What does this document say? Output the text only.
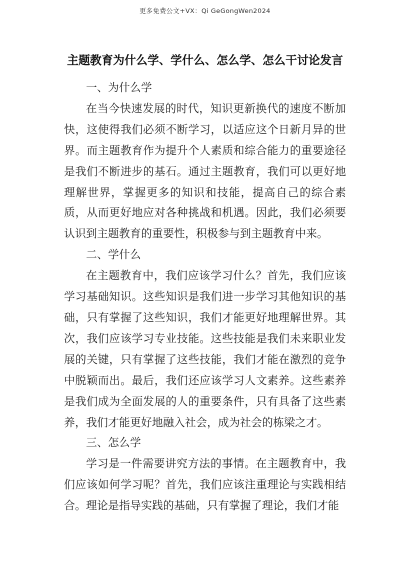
更多免费公文+VX：Qi GeGongWen2024
主题教育为什么学、学什么、怎么学、怎么干讨论发言

一、为什么学

在当今快速发展的时代，知识更新换代的速度不断加快，这使得我们必须不断学习，以适应这个日新月异的世界。而主题教育作为提升个人素质和综合能力的重要途径是我们不断进步的基石。通过主题教育，我们可以更好地理解世界，掌握更多的知识和技能，提高自己的综合素质，从而更好地应对各种挑战和机遇。因此，我们必须要认识到主题教育的重要性，积极参与到主题教育中来。

二、学什么

在主题教育中，我们应该学习什么？首先，我们应该学习基础知识。这些知识是我们进一步学习其他知识的基础，只有掌握了这些知识，我们才能更好地理解世界。其次，我们应该学习专业技能。这些技能是我们未来职业发展的关键，只有掌握了这些技能，我们才能在激烈的竞争中脱颖而出。最后，我们还应该学习人文素养。这些素养是我们成为全面发展的人的重要条件，只有具备了这些素养，我们才能更好地融入社会，成为社会的栋梁之才。

三、怎么学

学习是一件需要讲究方法的事情。在主题教育中，我们应该如何学习呢？首先，我们应该注重理论与实践相结合。理论是指导实践的基础，只有掌握了理论，我们才能
